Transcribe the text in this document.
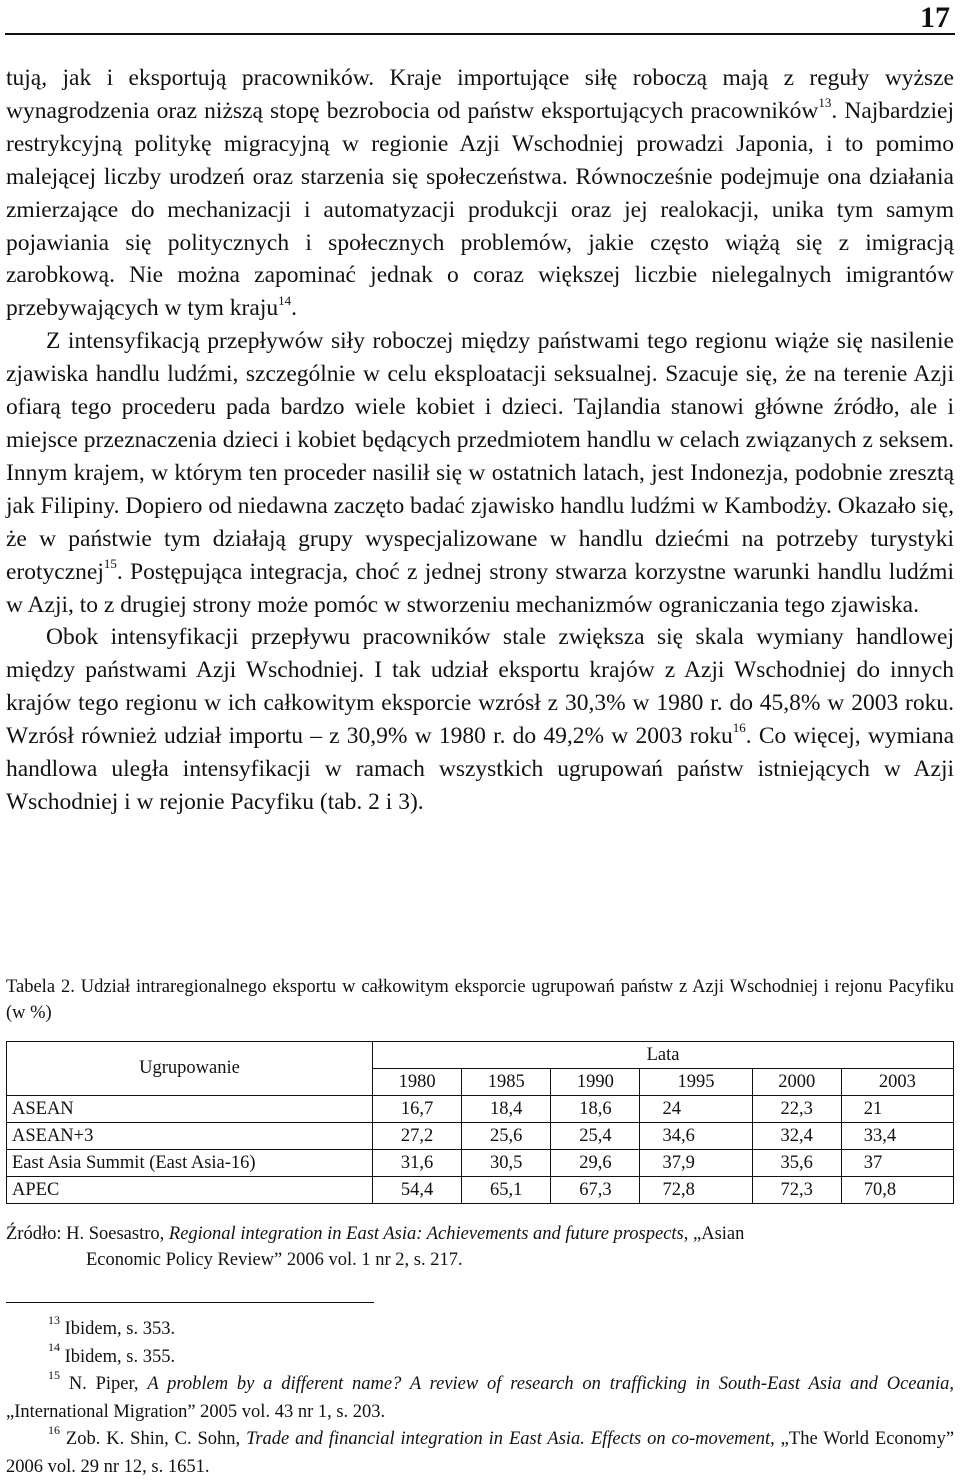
17

tują, jak i eksportują pracowników. Kraje importujące siłę roboczą mają z reguły wyższe wynagrodzenia oraz niższą stopę bezrobocia od państw eksportujących pracowników$^{13}$. Najbardziej restrykcyjną politykę migracyjną w regionie Azji Wschodniej prowadzi Japonia, i to pomimo malejącej liczby urodzeń oraz starzenia się społeczeństwa. Równocześnie podejmuje ona działania zmierzające do mechanizacji i automatyzacji produkcji oraz jej realokacji, unika tym samym pojawiania się politycznych i społecznych problemów, jakie często wiążą się z imigracją zarobkową. Nie można zapominać jednak o coraz większej liczbie nielegalnych imigrantów przebywających w tym kraju$^{14}$.

Z intensyfikacją przepływów siły roboczej między państwami tego regionu wiąże się nasilenie zjawiska handlu ludźmi, szczególnie w celu eksploatacji seksualnej. Szacuje się, że na terenie Azji ofiarą tego procederu pada bardzo wiele kobiet i dzieci. Tajlandia stanowi główne źródło, ale i miejsce przeznaczenia dzieci i kobiet będących przedmiotem handlu w celach związanych z seksem. Innym krajem, w którym ten proceder nasilił się w ostatnich latach, jest Indonezja, podobnie zresztą jak Filipiny. Dopiero od niedawna zaczęto badać zjawisko handlu ludźmi w Kambodży. Okazało się, że w państwie tym działają grupy wyspecjalizowane w handlu dziećmi na potrzeby turystyki erotycznej$^{15}$. Postępująca integracja, choć z jednej strony stwarza korzystne warunki handlu ludźmi w Azji, to z drugiej strony może pomóc w stworzeniu mechanizmów ograniczania tego zjawiska.

Obok intensyfikacji przepływu pracowników stale zwiększa się skala wymiany handlowej między państwami Azji Wschodniej. I tak udział eksportu krajów z Azji Wschodniej do innych krajów tego regionu w ich całkowitym eksporcie wzrósł z 30,3% w 1980 r. do 45,8% w 2003 roku. Wzrósł również udział importu – z 30,9% w 1980 r. do 49,2% w 2003 roku$^{16}$. Co więcej, wymiana handlowa uległa intensyfikacji w ramach wszystkich ugrupowań państw istniejących w Azji Wschodniej i w rejonie Pacyfiku (tab. 2 i 3).

Tabela 2. Udział intraregionalnego eksportu w całkowitym eksporcie ugrupowań państw z Azji Wschodniej i rejonu Pacyfiku (w %)
Ugrupowanie	Lata					
	1980	1985	1990	1995	2000	2003
ASEAN	16,7	18,4	18,6	24	22,3	21
ASEAN+3	27,2	25,6	25,4	34,6	32,4	33,4
East Asia Summit (East Asia-16)	31,6	30,5	29,6	37,9	35,6	37
APEC	54,4	65,1	67,3	72,8	72,3	70,8
Źródło: H. Soesastro, Regional integration in East Asia: Achievements and future prospects, „Asian
Economic Policy Review” 2006 vol. 1 nr 2, s. 217.

$^{13}$ Ibidem, s. 353.

$^{14}$ Ibidem, s. 355.

$^{15}$ N. Piper, A problem by a different name? A review of research on trafficking in South-East Asia and Oceania, „International Migration” 2005 vol. 43 nr 1, s. 203.

$^{16}$ Zob. K. Shin, C. Sohn, Trade and financial integration in East Asia. Effects on co-movement, „The World Economy” 2006 vol. 29 nr 12, s. 1651.
